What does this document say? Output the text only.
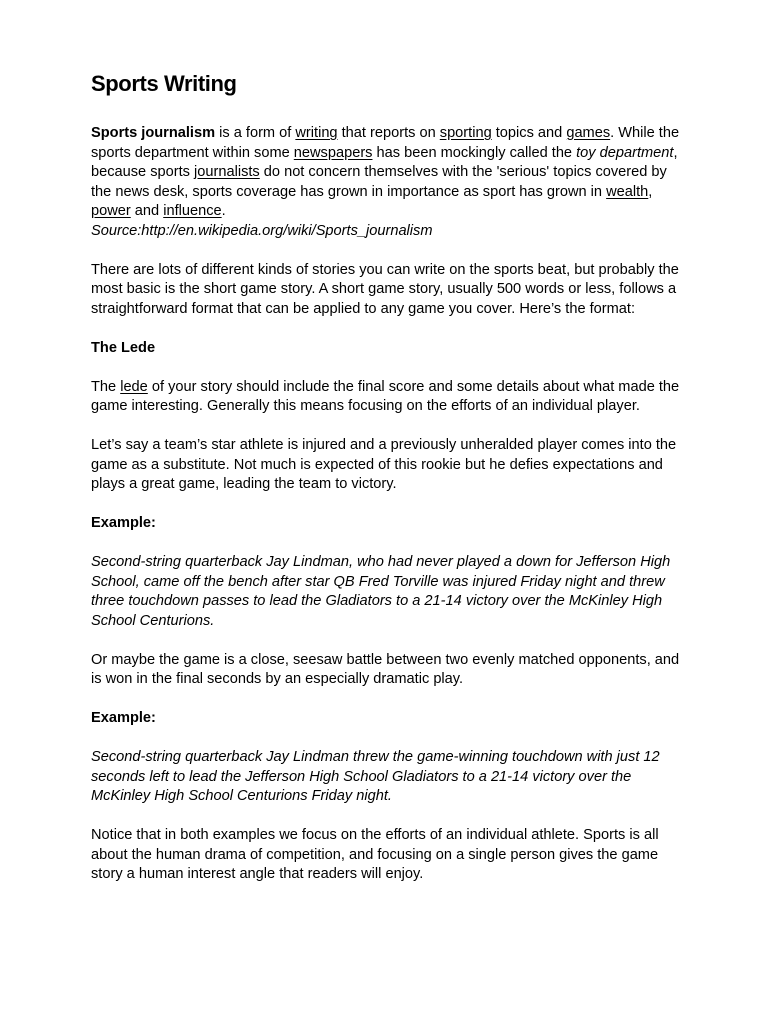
Sports Writing

Sports journalism is a form of writing that reports on sporting topics and games. While the sports department within some newspapers has been mockingly called the toy department, because sports journalists do not concern themselves with the 'serious' topics covered by the news desk, sports coverage has grown in importance as sport has grown in wealth, power and influence.
Source:http://en.wikipedia.org/wiki/Sports_journalism

There are lots of different kinds of stories you can write on the sports beat, but probably the most basic is the short game story. A short game story, usually 500 words or less, follows a straightforward format that can be applied to any game you cover. Here’s the format:

The Lede

The lede of your story should include the final score and some details about what made the game interesting. Generally this means focusing on the efforts of an individual player.

Let’s say a team’s star athlete is injured and a previously unheralded player comes into the game as a substitute. Not much is expected of this rookie but he defies expectations and plays a great game, leading the team to victory.

Example:

Second-string quarterback Jay Lindman, who had never played a down for Jefferson High School, came off the bench after star QB Fred Torville was injured Friday night and threw three touchdown passes to lead the Gladiators to a 21-14 victory over the McKinley High School Centurions.

Or maybe the game is a close, seesaw battle between two evenly matched opponents, and is won in the final seconds by an especially dramatic play.

Example:

Second-string quarterback Jay Lindman threw the game-winning touchdown with just 12 seconds left to lead the Jefferson High School Gladiators to a 21-14 victory over the McKinley High School Centurions Friday night.

Notice that in both examples we focus on the efforts of an individual athlete. Sports is all about the human drama of competition, and focusing on a single person gives the game story a human interest angle that readers will enjoy.
